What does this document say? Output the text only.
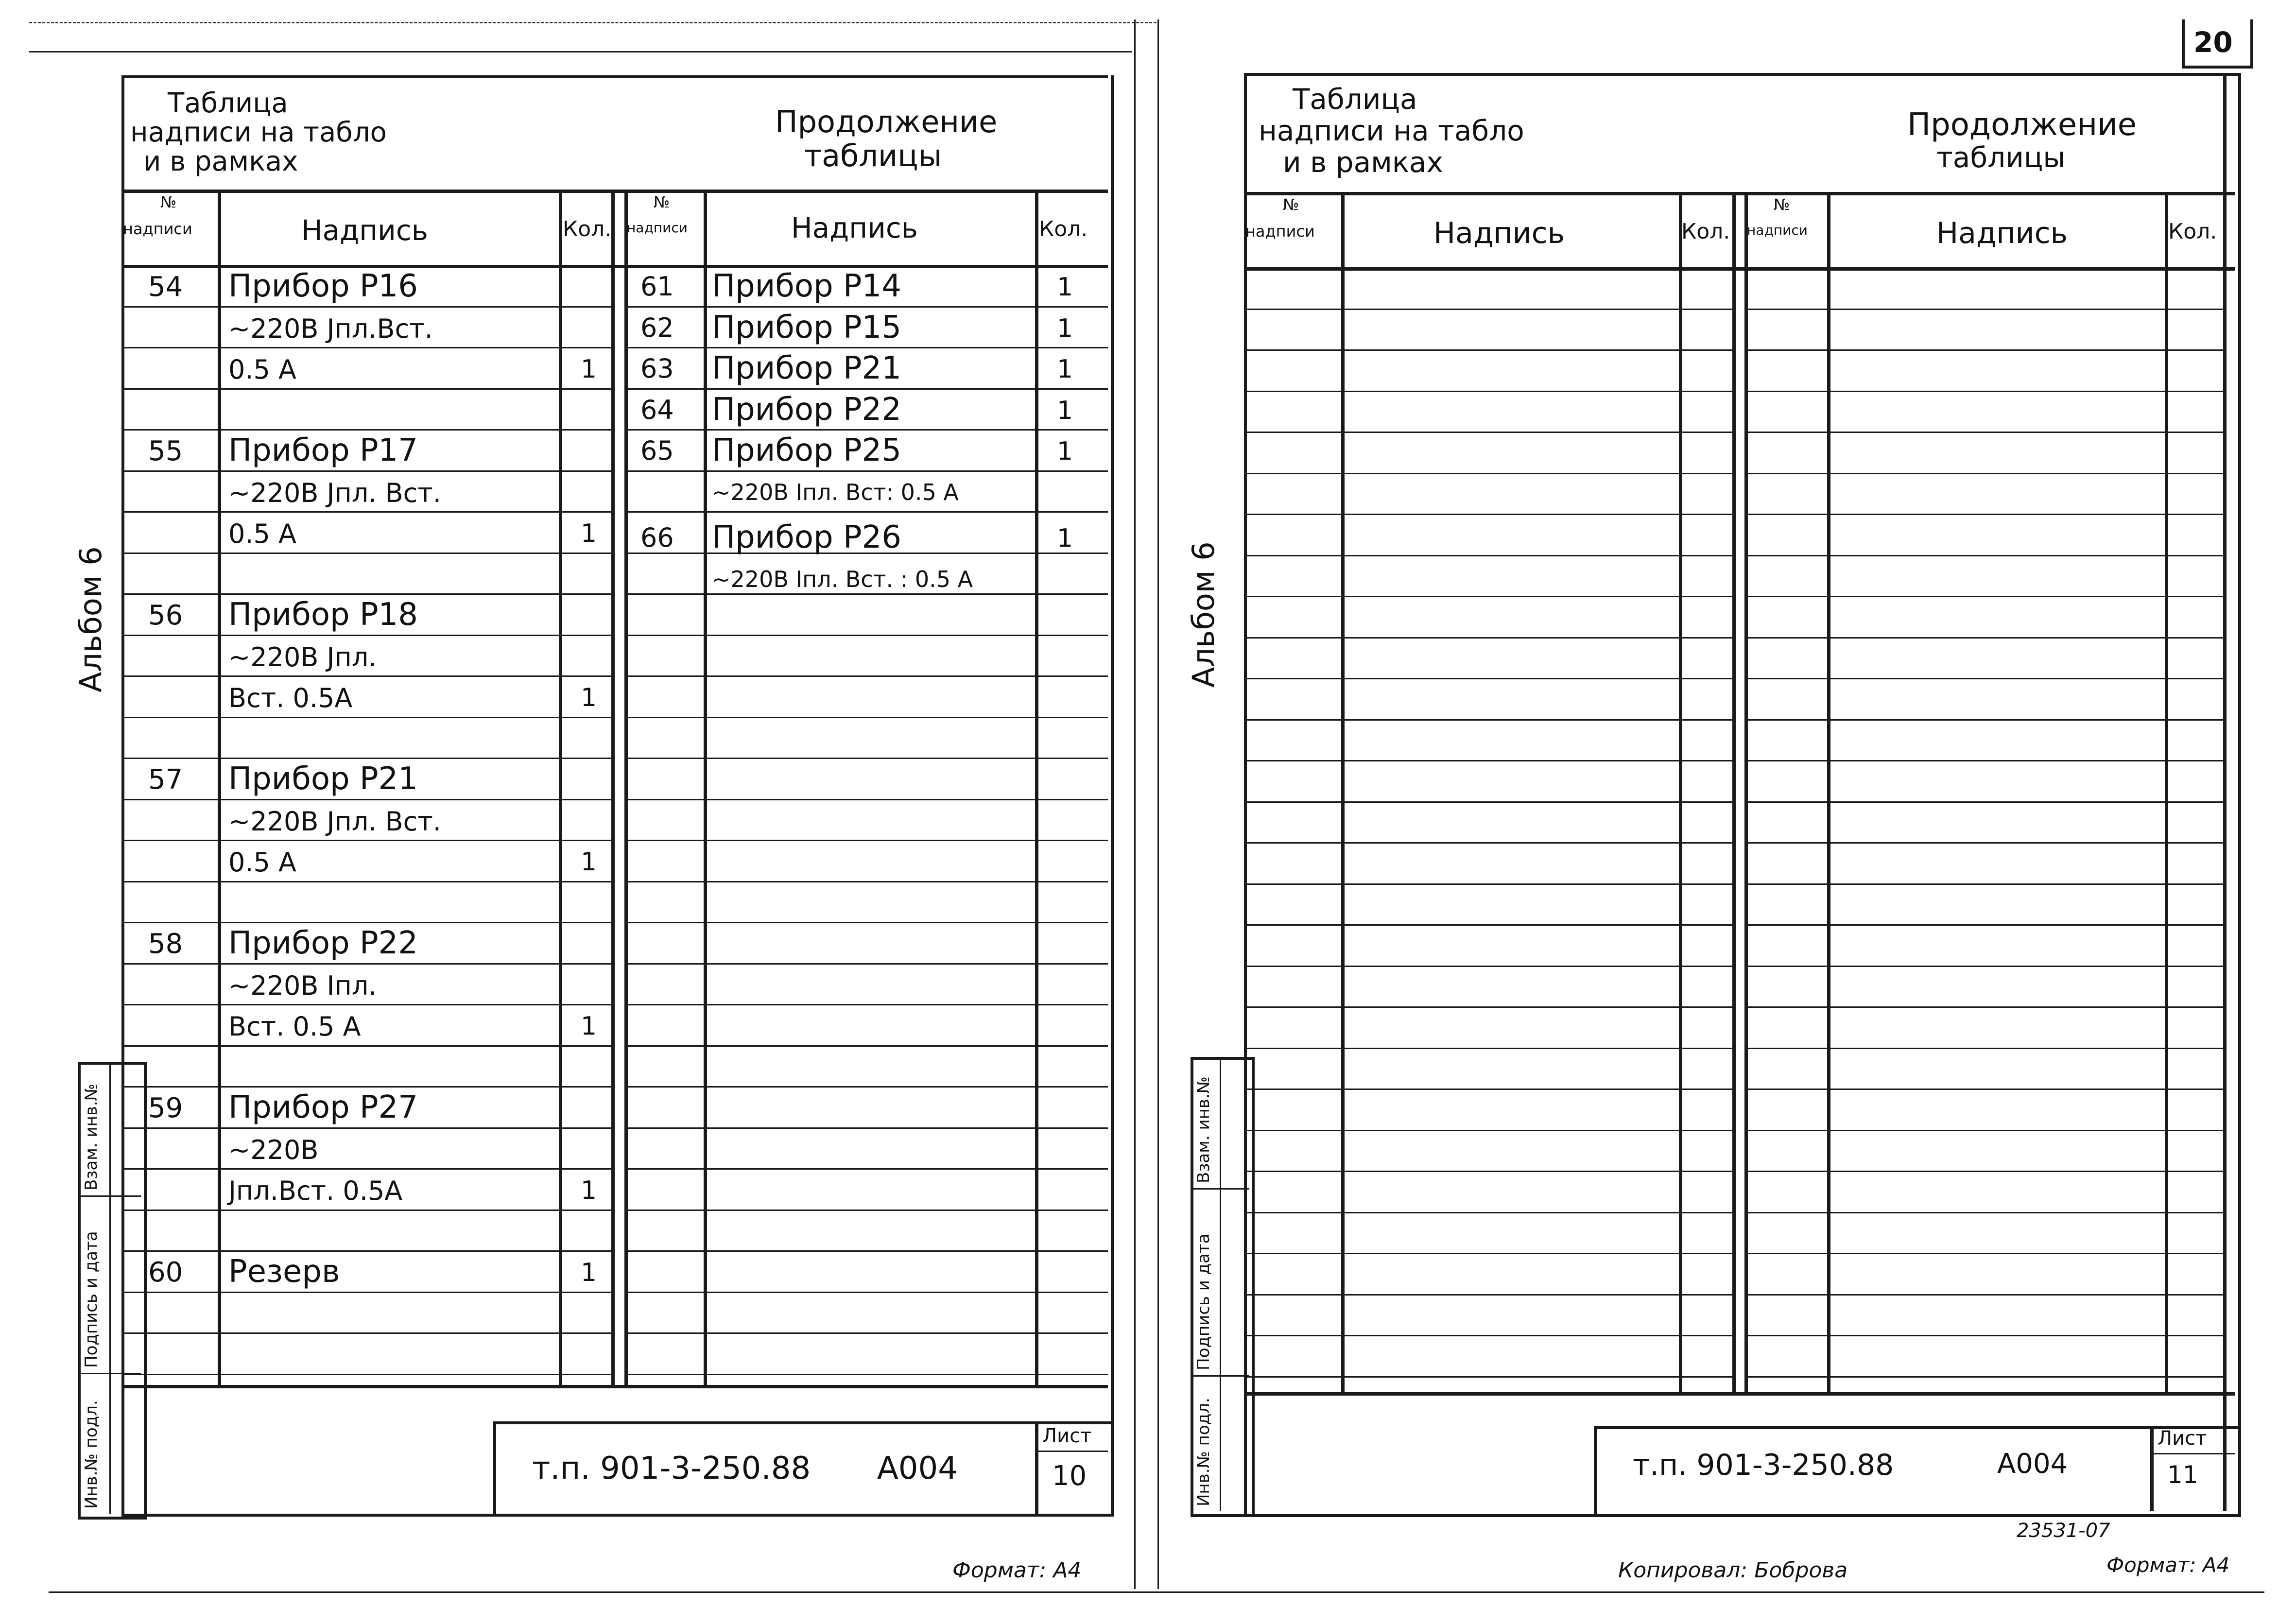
20
Таблица
надписи на табло
и в рамках
Продолжение
таблицы
№
надписи	Надпись	Кол.
№
надписи	Надпись	Кол.
54 Прибор Р16
~220В Јпл.Вст.
0.5 А	1
55 Прибор Р17
~220В Јпл. Вст.
0.5 А	1
56 Прибор Р18
~220В Јпл.
Вст. 0.5А	1
57 Прибор Р21
~220В Јпл. Вст.
0.5 А	1
58 Прибор Р22
~220В Іпл.
Вст. 0.5 А	1
59 Прибор Р27
~220В
Јпл.Вст. 0.5А	1
60 Резерв	1
61 Прибор Р14	1
62 Прибор Р15	1
63 Прибор Р21	1
64 Прибор Р22	1
65 Прибор Р25	1
~220В Іпл. Вст: 0.5 А
66 Прибор Р26	1
~220В Іпл. Вст. : 0.5 А
Взам. инв.№
Подпись и дата
Инв.№ подл.
Альбом 6
т.п. 901-3-250.88 А004
Лист
10
Формат: А4
Таблица
надписи на табло
и в рамках
Продолжение
таблицы
№
надписи	Надпись	Кол.
№
надписи	Надпись	Кол.
Взам. инв.№
Подпись и дата
Инв.№ подл.
Альбом 6
т.п. 901-3-250.88	А004
Лист
11
23531-07
Копировал: Боброва	Формат: А4
